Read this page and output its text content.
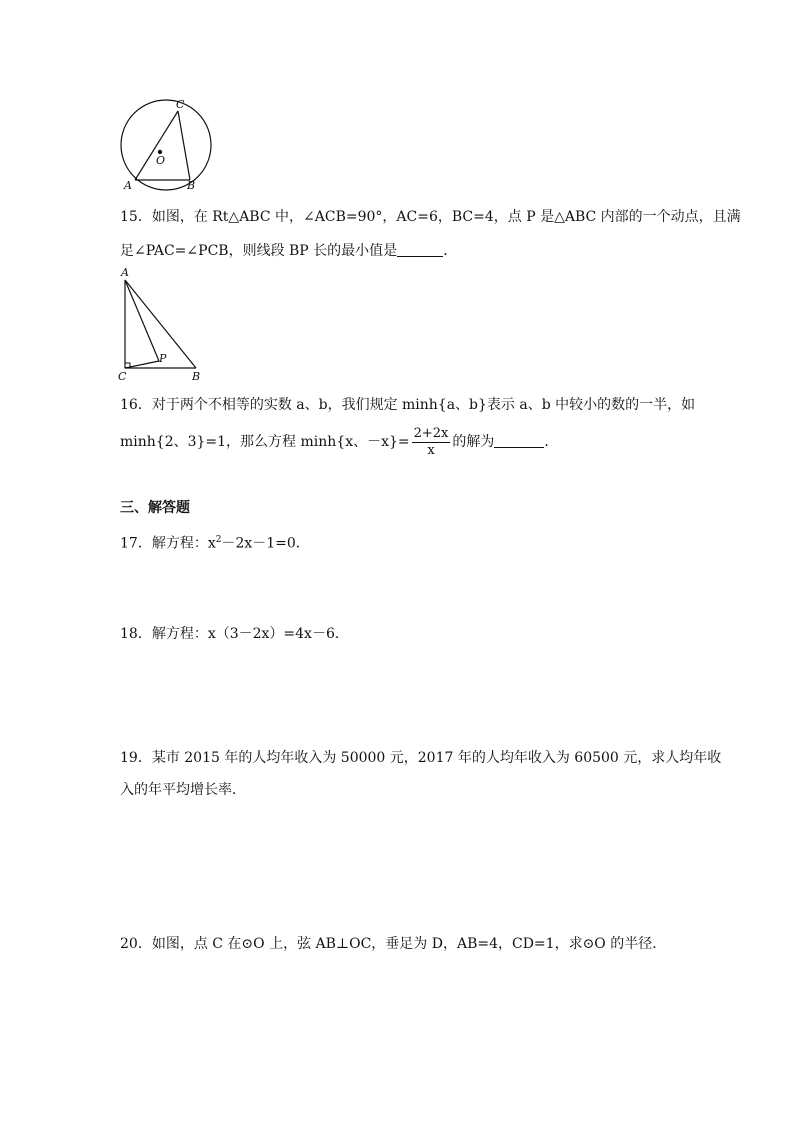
C
O
A	B
15．如图，在 Rt△ABC 中，∠ACB=90°，AC=6，BC=4，点 P 是△ABC 内部的一个动点，且满
足∠PAC=∠PCB，则线段 BP 长的最小值是	．
A
P
C	B
16．对于两个不相等的实数 a、b，我们规定 minh{a、b}表示 a、b 中较小的数的一半，如
minh{2、3}=1，那么方程 minh{x、$-x\}= \frac{2+2x}{x}$ 的解为	．
三、解答题
17．解方程：$x^2-2x-1=0$．
18．解方程：x（3－2x）=4x－6．
19．某市 2015 年的人均年收入为 50000 元，2017 年的人均年收入为 60500 元，求人均年收
入的年平均增长率．
20．如图，点 C 在⊙O 上，弦 AB⊥OC，垂足为 D，AB=4，CD=1，求⊙O 的半径．
